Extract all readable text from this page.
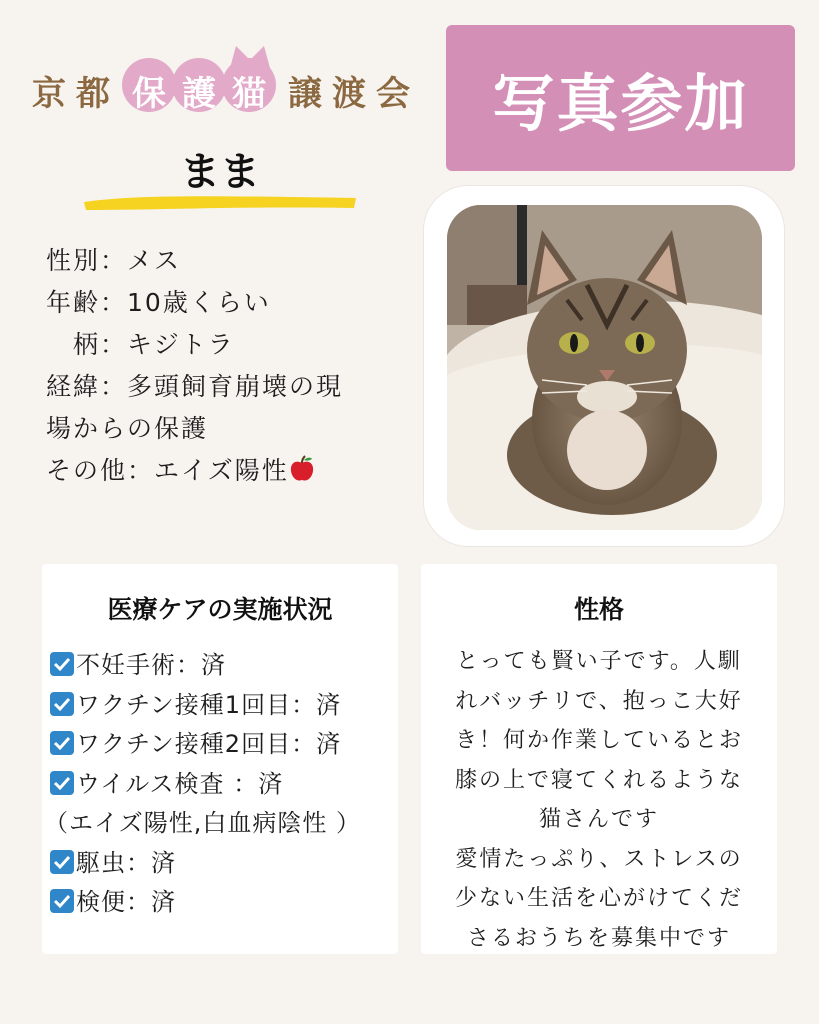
京 都 保 護 猫 譲 渡 会 写真参加
まま
性別：メス
年齢：10歳くらい
　柄：キジトラ
経緯：多頭飼育崩壊の現
場からの保護
その他：エイズ陽性
医療ケアの実施状況
不妊手術：済
ワクチン接種1回目：済
ワクチン接種2回目：済
ウイルス検査 ：済
（エイズ陽性,白血病陰性 ）
駆虫：済
検便：済
性格
とっても賢い子です。人馴
れバッチリで、抱っこ大好
き！何か作業しているとお
膝の上で寝てくれるような
猫さんです
愛情たっぷり、ストレスの
少ない生活を心がけてくだ
さるおうちを募集中です
